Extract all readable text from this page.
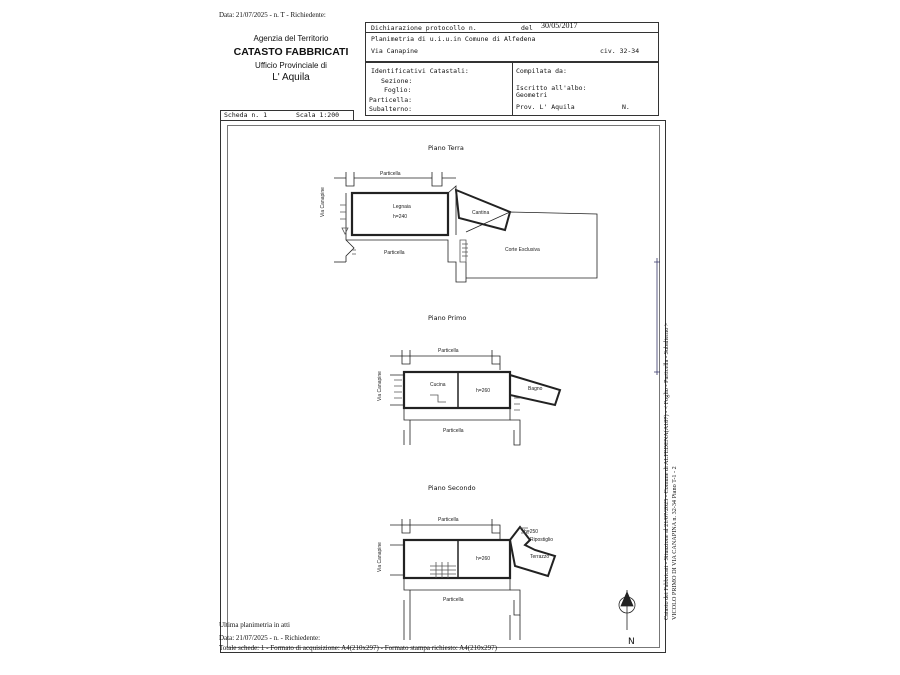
Data: 21/07/2025 - n. T - Richiedente:
Agenzia del Territorio
CATASTO FABBRICATI
Ufficio Provinciale di
L' Aquila
Dichiarazione protocollo n.	del 30/05/2017
Planimetria di u.i.u.in Comune di Alfedena
Via Canapine	civ. 32-34
Identificativi Catastali:
Sezione:
Foglio:
Particella:
Subalterno:
Compilata da:
Iscritto all'albo:
Geometri
Prov. L' Aquila	N.
Scheda n. 1	Scala 1:200
Particella
Legnaia
h=240
Cantina
Corte Esclusiva
Particella
Via Canapine
Particella
Cucina
h=260	Bagno
Particella
Via Canapine
Particella
h=260
h=250
Ripostiglio
Terrazzo
Particella
Via Canapine
Piano Terra
Piano Primo
Piano Secondo
N
Catasto dei Fabbricati - Situazione al 21/07/2025 - Comune di ALFEDENA(A187) - < Foglio - Particella - Subalterno > VICOLO PRIMO DI VIA CANAPINA n. 32-34 Piano T-1 - 2
Ultima planimetria in atti
Data: 21/07/2025 - n. - Richiedente:
Totale schede: 1 - Formato di acquisizione: A4(210x297) - Formato stampa richiesto: A4(210x297)
